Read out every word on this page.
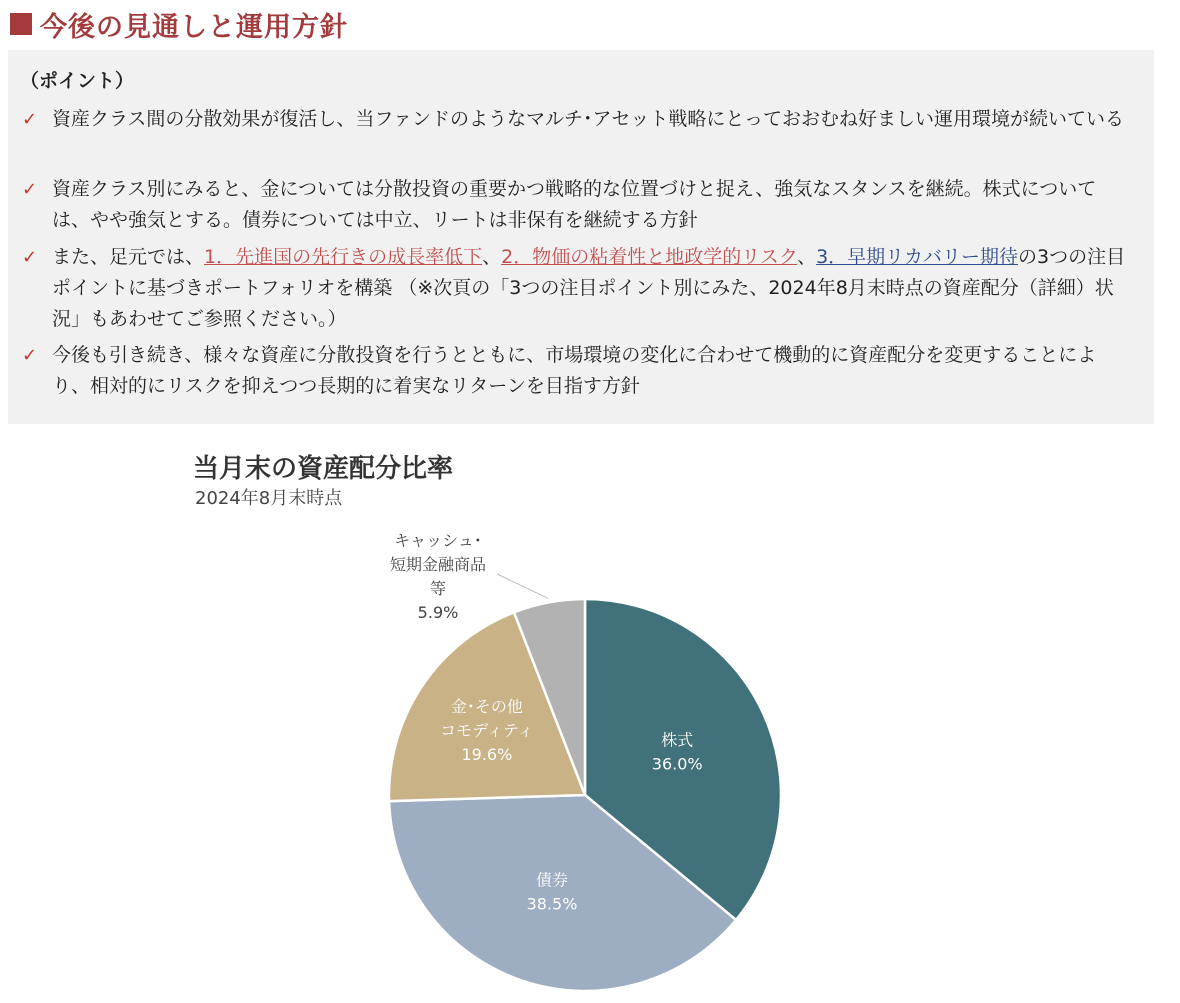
今後の見通しと運用方針
（ポイント）
✓ 資産クラス間の分散効果が復活し、当ファンドのようなマルチ･アセット戦略にとっておおむね好ましい運用環境が続いている
✓ 資産クラス別にみると、金については分散投資の重要かつ戦略的な位置づけと捉え、強気なスタンスを継続。株式については、やや強気とする。債券については中立、リートは非保有を継続する方針
✓ また、足元では、1．先進国の先行きの成長率低下、2．物価の粘着性と地政学的リスク、3．早期リカバリー期待の3つの注目ポイントに基づきポートフォリオを構築 （※次頁の「3つの注目ポイント別にみた、2024年8月末時点の資産配分（詳細）状況」もあわせてご参照ください。）
✓ 今後も引き続き、様々な資産に分散投資を行うとともに、市場環境の変化に合わせて機動的に資産配分を変更することにより、相対的にリスクを抑えつつ長期的に着実なリターンを目指す方針
当月末の資産配分比率
2024年8月末時点
株式
36.0%
債券
38.5%
金･その他
コモディティ
19.6%
キャッシュ･
短期金融商品
等
5.9%
